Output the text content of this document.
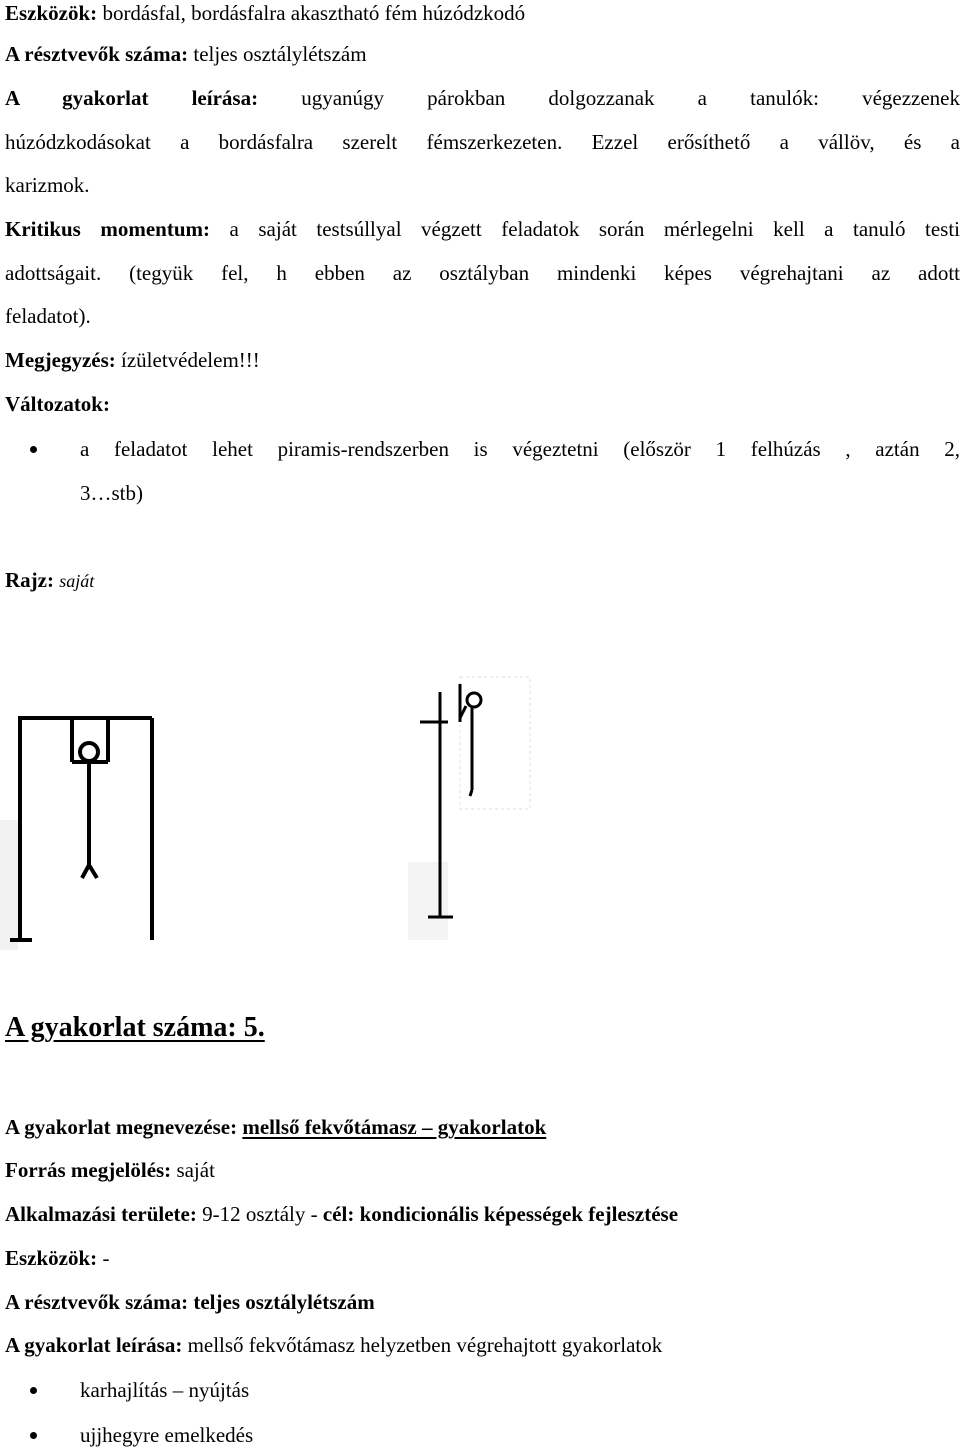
Eszközök: bordásfal, bordásfalra akasztható fém húzódzkodó
A résztvevők száma: teljes osztálylétszám
A gyakorlat leírása: ugyanúgy párokban dolgozzanak a tanulók: végezzenek
húzódzkodásokat a bordásfalra szerelt fémszerkezeten. Ezzel erősíthető a vállöv, és a
karizmok.
Kritikus momentum: a saját testsúllyal végzett feladatok során mérlegelni kell a tanuló testi
adottságait. (tegyük fel, h ebben az osztályban mindenki képes végrehajtani az adott
feladatot).
Megjegyzés: ízületvédelem!!!
Változatok:
a feladatot lehet piramis-rendszerben is végeztetni (először 1 felhúzás , aztán 2,
3…stb)
Rajz: saját
A gyakorlat száma: 5.
A gyakorlat megnevezése: mellső fekvőtámasz – gyakorlatok
Forrás megjelölés: saját
Alkalmazási területe: 9-12 osztály - cél: kondicionális képességek fejlesztése
Eszközök: -
A résztvevők száma: teljes osztálylétszám
A gyakorlat leírása: mellső fekvőtámasz helyzetben végrehajtott gyakorlatok
karhajlítás – nyújtás
ujjhegyre emelkedés
